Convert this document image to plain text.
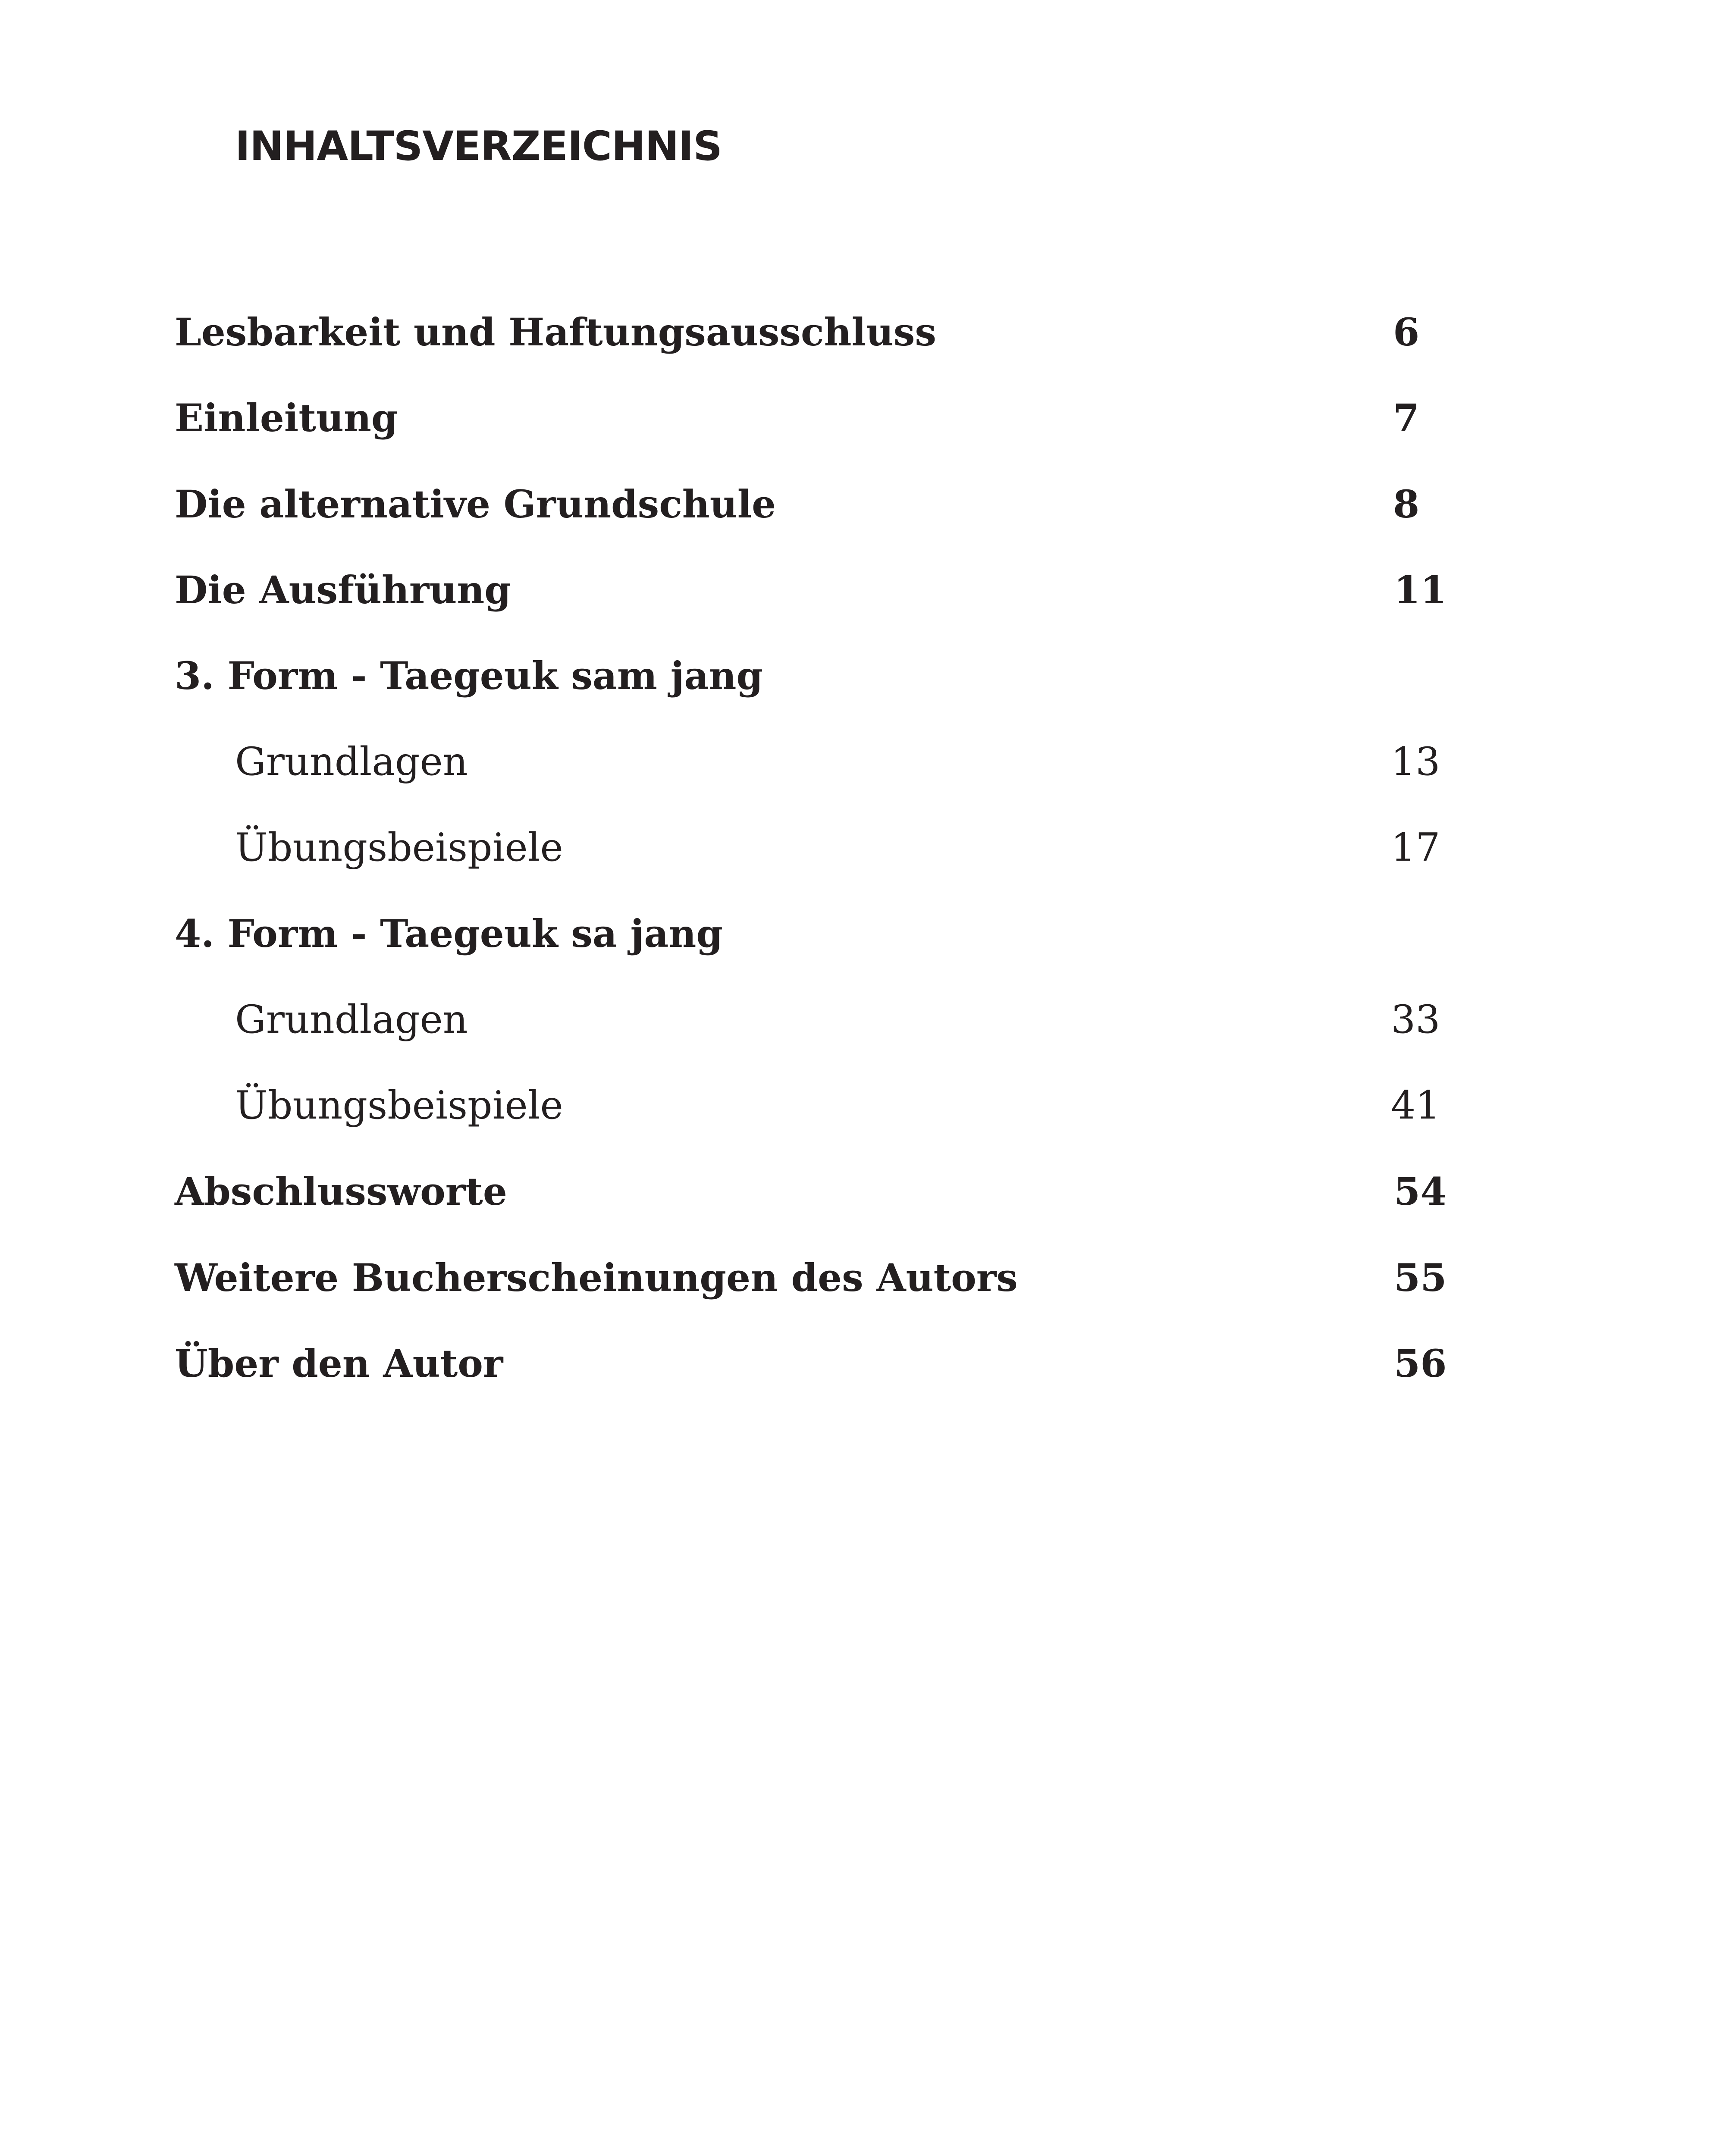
INHALTSVERZEICHNIS
Lesbarkeit und Haftungsausschluss	6
Einleitung	7
Die alternative Grundschule	8
Die Ausführung	11
3. Form - Taegeuk sam jang
Grundlagen	13
Übungsbeispiele	17
4. Form - Taegeuk sa jang
Grundlagen	33
Übungsbeispiele	41
Abschlussworte	54
Weitere Bucherscheinungen des Autors	55
Über den Autor	56
